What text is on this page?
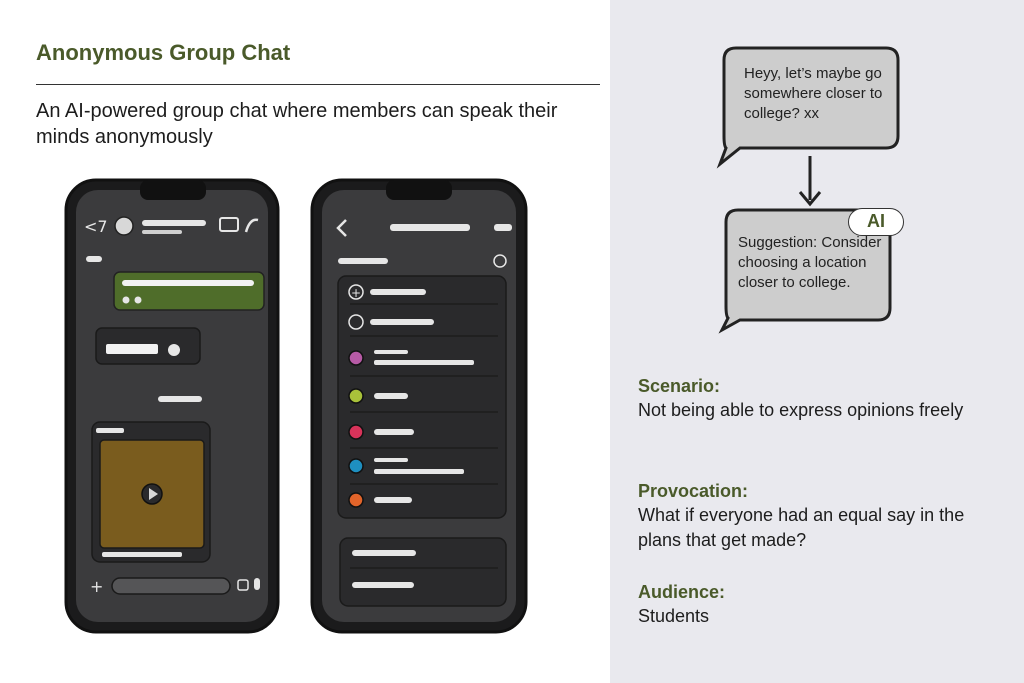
Anonymous Group Chat
An AI-powered group chat where members can speak their minds anonymously
<7
+
+
Heyy, let’s maybe go somewhere closer to college? xx
AI
Suggestion: Consider choosing a location closer to college.
Scenario:
Not being able to express opinions freely
Provocation:
What if everyone had an equal say in the plans that get made?
Audience:
Students
